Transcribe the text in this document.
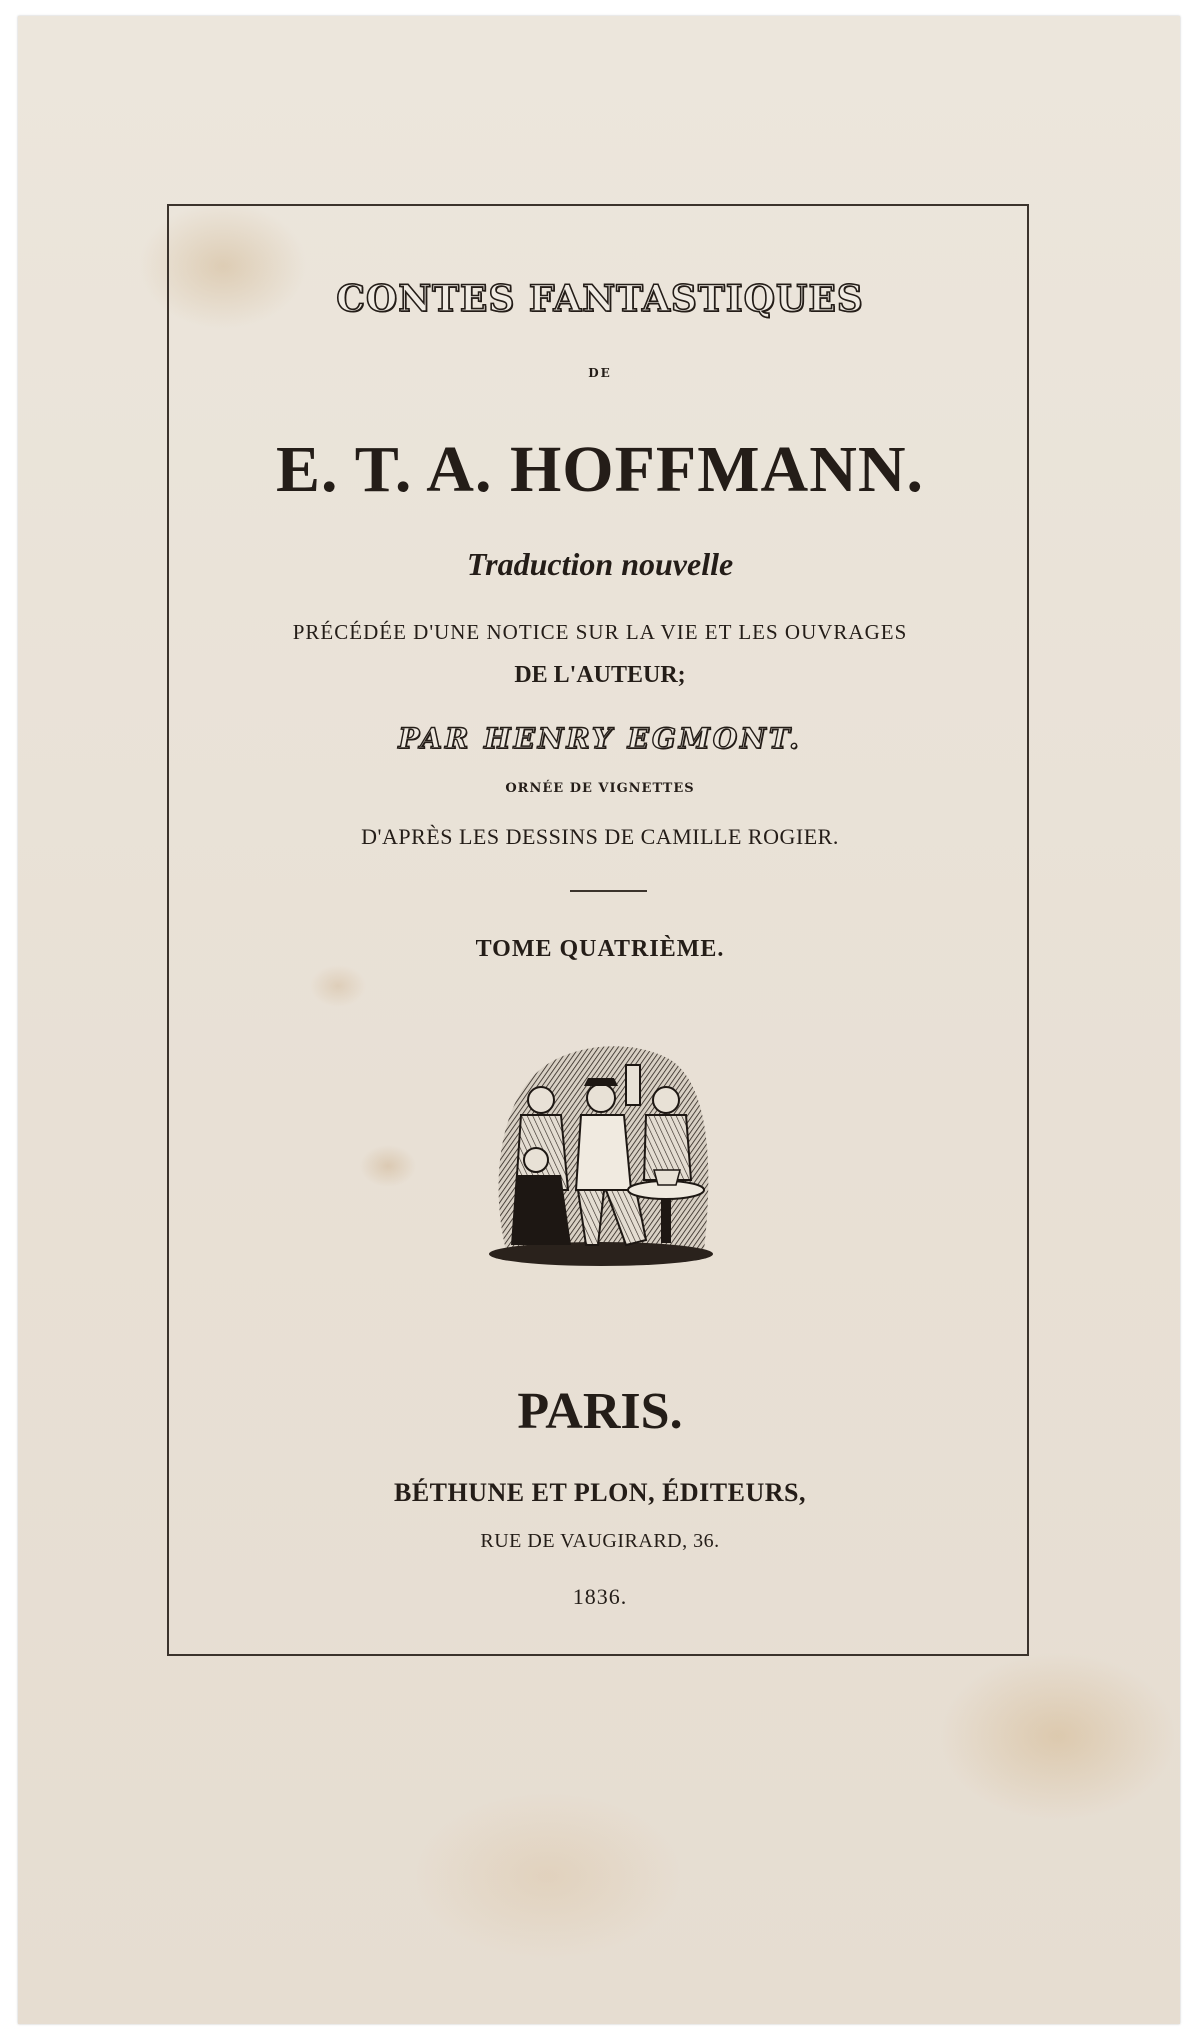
CONTES FANTASTIQUES
DE
E. T. A. HOFFMANN.
Traduction nouvelle
PRÉCÉDÉE D'UNE NOTICE SUR LA VIE ET LES OUVRAGES
DE L'AUTEUR;
PAR HENRY EGMONT.
ORNÉE DE VIGNETTES
D'APRÈS LES DESSINS DE CAMILLE ROGIER.
TOME QUATRIÈME.
PARIS.
BÉTHUNE ET PLON, ÉDITEURS,
RUE DE VAUGIRARD, 36.
1836.
